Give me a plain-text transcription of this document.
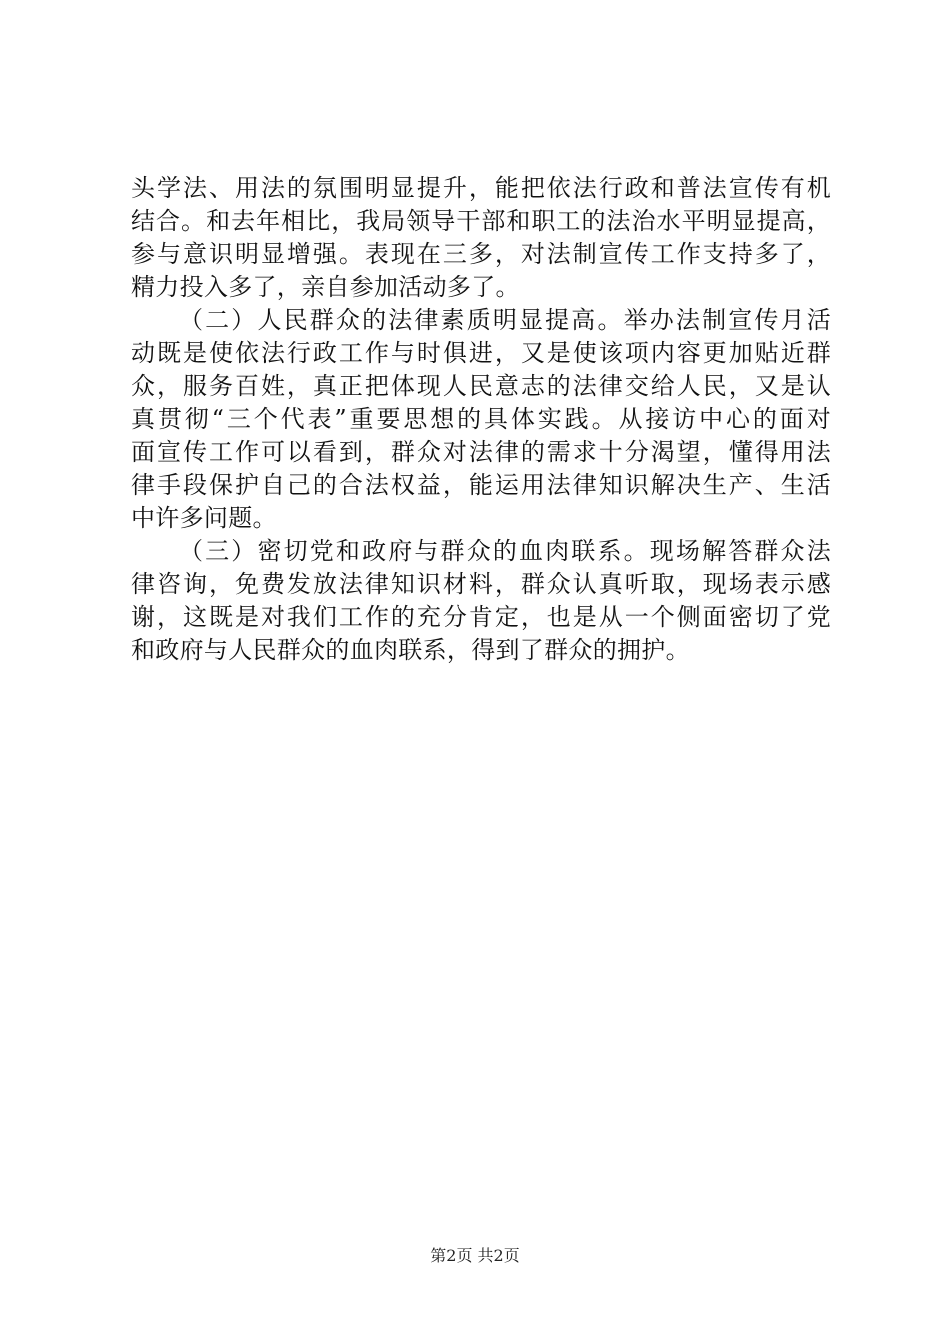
头学法、用法的氛围明显提升，能把依法行政和普法宣传有机
结合。和去年相比，我局领导干部和职工的法治水平明显提高，
参与意识明显增强。表现在三多，对法制宣传工作支持多了，
精力投入多了，亲自参加活动多了。
（二）人民群众的法律素质明显提高。举办法制宣传月活
动既是使依法行政工作与时俱进，又是使该项内容更加贴近群
众，服务百姓，真正把体现人民意志的法律交给人民，又是认
真贯彻“三个代表”重要思想的具体实践。从接访中心的面对
面宣传工作可以看到，群众对法律的需求十分渴望，懂得用法
律手段保护自己的合法权益，能运用法律知识解决生产、生活
中许多问题。
（三）密切党和政府与群众的血肉联系。现场解答群众法
律咨询，免费发放法律知识材料，群众认真听取，现场表示感
谢，这既是对我们工作的充分肯定，也是从一个侧面密切了党
和政府与人民群众的血肉联系，得到了群众的拥护。
第2页 共2页
